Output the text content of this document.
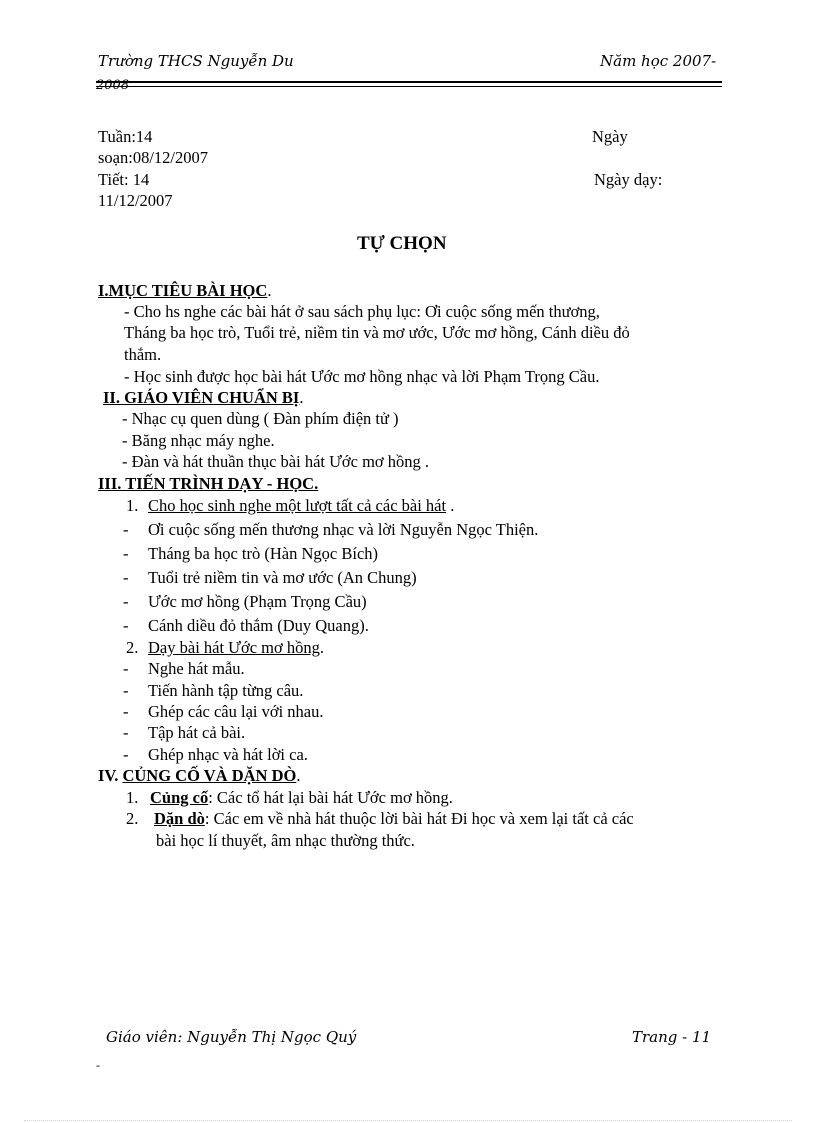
Trường THCS Nguyễn Du	Năm học 2007-
2008
Tuần:14	Ngày
soạn:08/12/2007
Tiết: 14	Ngày dạy:
11/12/2007
TỰ CHỌN
I.MỤC TIÊU BÀI HỌC.
- Cho hs nghe các bài hát ở sau sách phụ lục: Ơi cuộc sống mến thương,
Tháng ba học trò, Tuổi trẻ, niềm tin và mơ ước, Ước mơ hồng, Cánh diều đỏ
thắm.
- Học sinh được học bài hát Ước mơ hồng nhạc và lời Phạm Trọng Cầu.
II. GIÁO VIÊN CHUẨN BỊ.
- Nhạc cụ quen dùng ( Đàn phím điện tử )
- Băng nhạc máy nghe.
- Đàn và hát thuần thục bài hát Ước mơ hồng .
III. TIẾN TRÌNH DẠY - HỌC.
1. Cho học sinh nghe một lượt tất cả các bài hát .
- Ơi cuộc sống mến thương nhạc và lời Nguyễn Ngọc Thiện.
- Tháng ba học trò (Hàn Ngọc Bích)
- Tuổi trẻ niềm tin và mơ ước (An Chung)
- Ước mơ hồng (Phạm Trọng Cầu)
- Cánh diều đỏ thắm (Duy Quang).
2. Dạy bài hát Ước mơ hồng.
- Nghe hát mẫu.
- Tiến hành tập từng câu.
- Ghép các câu lại với nhau.
- Tập hát cả bài.
- Ghép nhạc và hát lời ca.
IV. CỦNG CỐ VÀ DẶN DÒ.
1. Củng cố: Các tổ hát lại bài hát Ước mơ hồng.
2. Dặn dò: Các em về nhà hát thuộc lời bài hát Đi học và xem lại tất cả các
bài học lí thuyết, âm nhạc thường thức.
Giáo viên: Nguyễn Thị Ngọc Quý	Trang - 11
-
